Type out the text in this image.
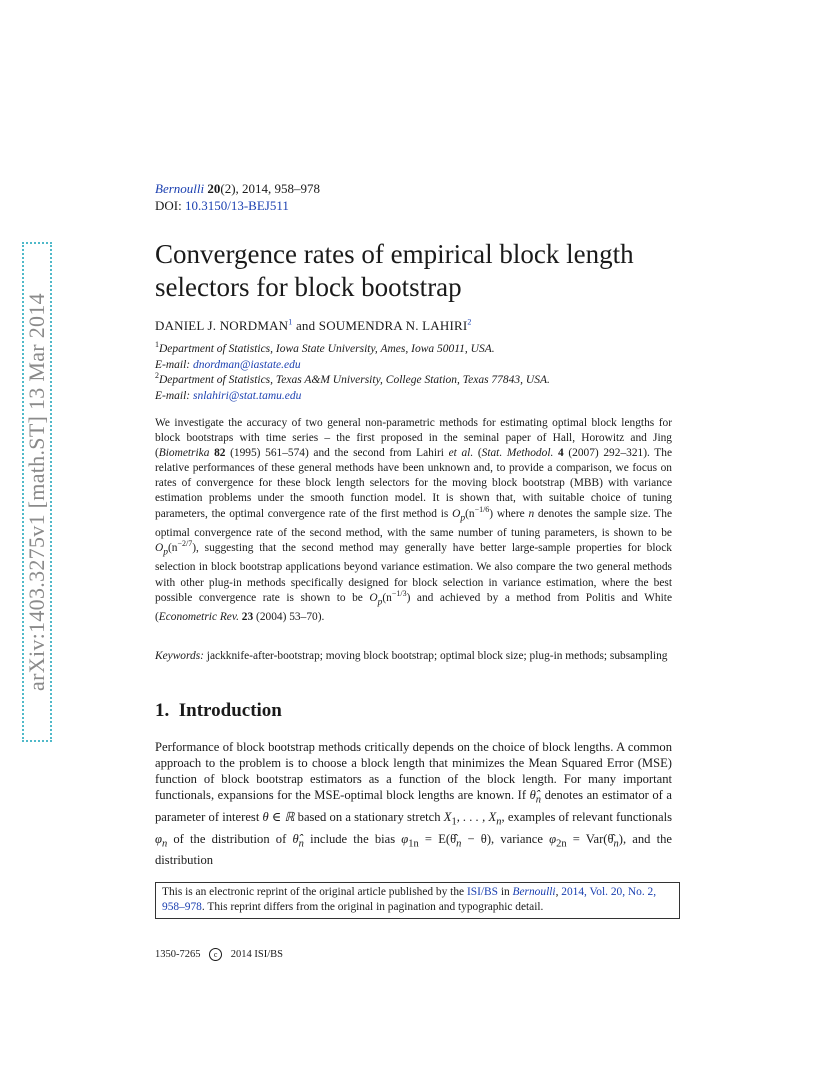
arXiv:1403.3275v1 [math.ST] 13 Mar 2014
Bernoulli 20(2), 2014, 958–978
DOI: 10.3150/13-BEJ511
Convergence rates of empirical block length selectors for block bootstrap
DANIEL J. NORDMAN$^1$ and SOUMENDRA N. LAHIRI$^2$
$^1$Department of Statistics, Iowa State University, Ames, Iowa 50011, USA.
E-mail: dnordman@iastate.edu
$^2$Department of Statistics, Texas A&M University, College Station, Texas 77843, USA.
E-mail: snlahiri@stat.tamu.edu

We investigate the accuracy of two general non-parametric methods for estimating optimal block lengths for block bootstraps with time series – the first proposed in the seminal paper of Hall, Horowitz and Jing (Biometrika 82 (1995) 561–574) and the second from Lahiri et al. (Stat. Methodol. 4 (2007) 292–321). The relative performances of these general methods have been unknown and, to provide a comparison, we focus on rates of convergence for these block length selectors for the moving block bootstrap (MBB) with variance estimation problems under the smooth function model. It is shown that, with suitable choice of tuning parameters, the optimal convergence rate of the first method is $O_p(n^{-1/6})$ where n denotes the sample size. The optimal convergence rate of the second method, with the same number of tuning parameters, is shown to be $O_p(n^{-2/7})$, suggesting that the second method may generally have better large-sample properties for block selection in block bootstrap applications beyond variance estimation. We also compare the two general methods with other plug-in methods specifically designed for block selection in variance estimation, where the best possible convergence rate is shown to be $O_p(n^{-1/3})$ and achieved by a method from Politis and White (Econometric Rev. 23 (2004) 53–70).

Keywords: jackknife-after-bootstrap; moving block bootstrap; optimal block size; plug-in methods; subsampling

1. Introduction

Performance of block bootstrap methods critically depends on the choice of block lengths. A common approach to the problem is to choose a block length that minimizes the Mean Squared Error (MSE) function of block bootstrap estimators as a function of the block length. For many important functionals, expansions for the MSE-optimal block lengths are known. If $\thetâ_n$ denotes an estimator of a parameter of interest θ ∈ ℝ based on a stationary stretch $X_1$, . . . , $X_n$, examples of relevant functionals $\varphi_n$ of the distribution of $\thetâ_n$ include the bias $\varphi_{1n}$ = $E(\thetâ_n - \theta)$, variance $\varphi_{2n}$ = $Var(\thetâ_n)$, and the distribution

This is an electronic reprint of the original article published by the ISI/BS in Bernoulli, 2014, Vol. 20, No. 2, 958–978. This reprint differs from the original in pagination and typographic detail.
1350-7265 c 2014 ISI/BS
